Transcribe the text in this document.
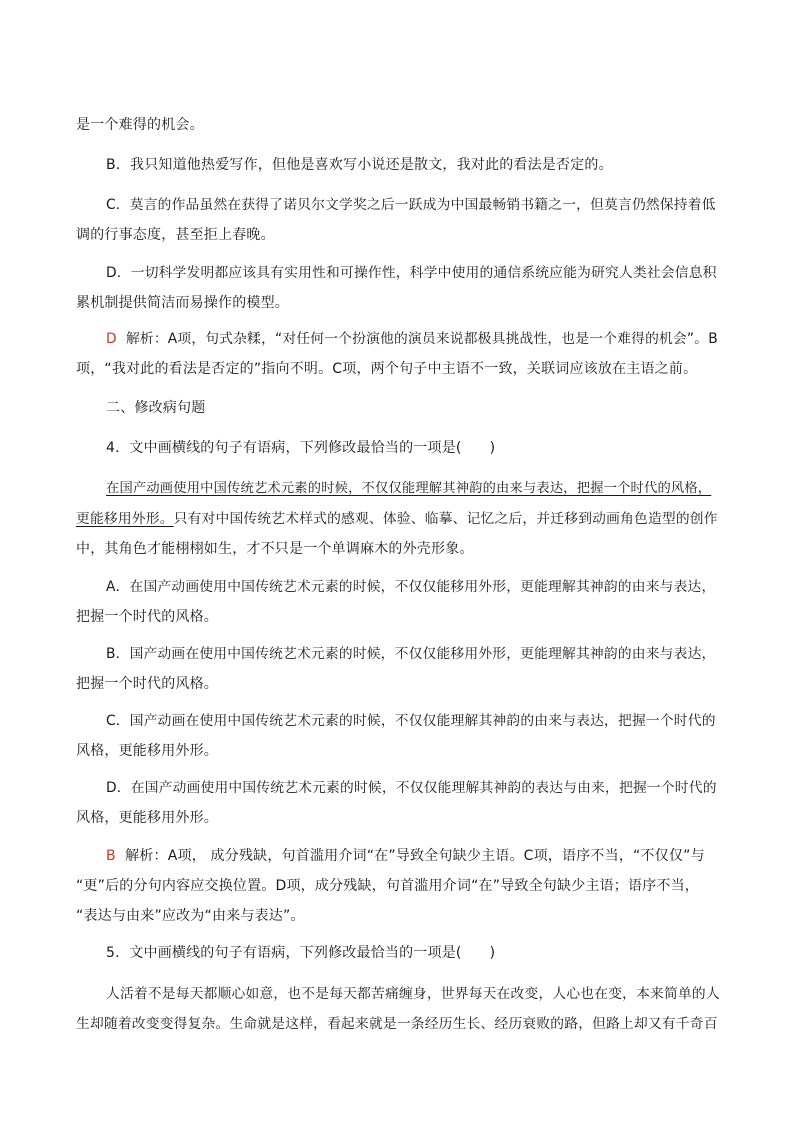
是一个难得的机会。
B．我只知道他热爱写作，但他是喜欢写小说还是散文，我对此的看法是否定的。
C．莫言的作品虽然在获得了诺贝尔文学奖之后一跃成为中国最畅销书籍之一，但莫言仍然保持着低
调的行事态度，甚至拒上春晚。
D．一切科学发明都应该具有实用性和可操作性，科学中使用的通信系统应能为研究人类社会信息积
累机制提供简洁而易操作的模型。
D 解析：A项，句式杂糅，“对任何一个扮演他的演员来说都极具挑战性，也是一个难得的机会”。B
项，“我对此的看法是否定的”指向不明。C项，两个句子中主语不一致，关联词应该放在主语之前。
二、修改病句题
4．文中画横线的句子有语病，下列修改最恰当的一项是( )
在国产动画使用中国传统艺术元素的时候，不仅仅能理解其神韵的由来与表达，把握一个时代的风格，
更能移用外形。只有对中国传统艺术样式的感观、体验、临摹、记忆之后，并迁移到动画角色造型的创作
中，其角色才能栩栩如生，才不只是一个单调麻木的外壳形象。
A．在国产动画使用中国传统艺术元素的时候，不仅仅能移用外形，更能理解其神韵的由来与表达，
把握一个时代的风格。
B．国产动画在使用中国传统艺术元素的时候，不仅仅能移用外形，更能理解其神韵的由来与表达，
把握一个时代的风格。
C．国产动画在使用中国传统艺术元素的时候，不仅仅能理解其神韵的由来与表达，把握一个时代的
风格，更能移用外形。
D．在国产动画使用中国传统艺术元素的时候，不仅仅能理解其神韵的表达与由来，把握一个时代的
风格，更能移用外形。
B 解析：A项， 成分残缺，句首滥用介词“在”导致全句缺少主语。C项，语序不当，“不仅仅”与
“更”后的分句内容应交换位置。D项，成分残缺，句首滥用介词“在”导致全句缺少主语；语序不当，
“表达与由来”应改为“由来与表达”。
5．文中画横线的句子有语病，下列修改最恰当的一项是( )
人活着不是每天都顺心如意，也不是每天都苦痛缠身，世界每天在改变，人心也在变，本来简单的人
生却随着改变变得复杂。生命就是这样，看起来就是一条经历生长、经历衰败的路，但路上却又有千奇百
